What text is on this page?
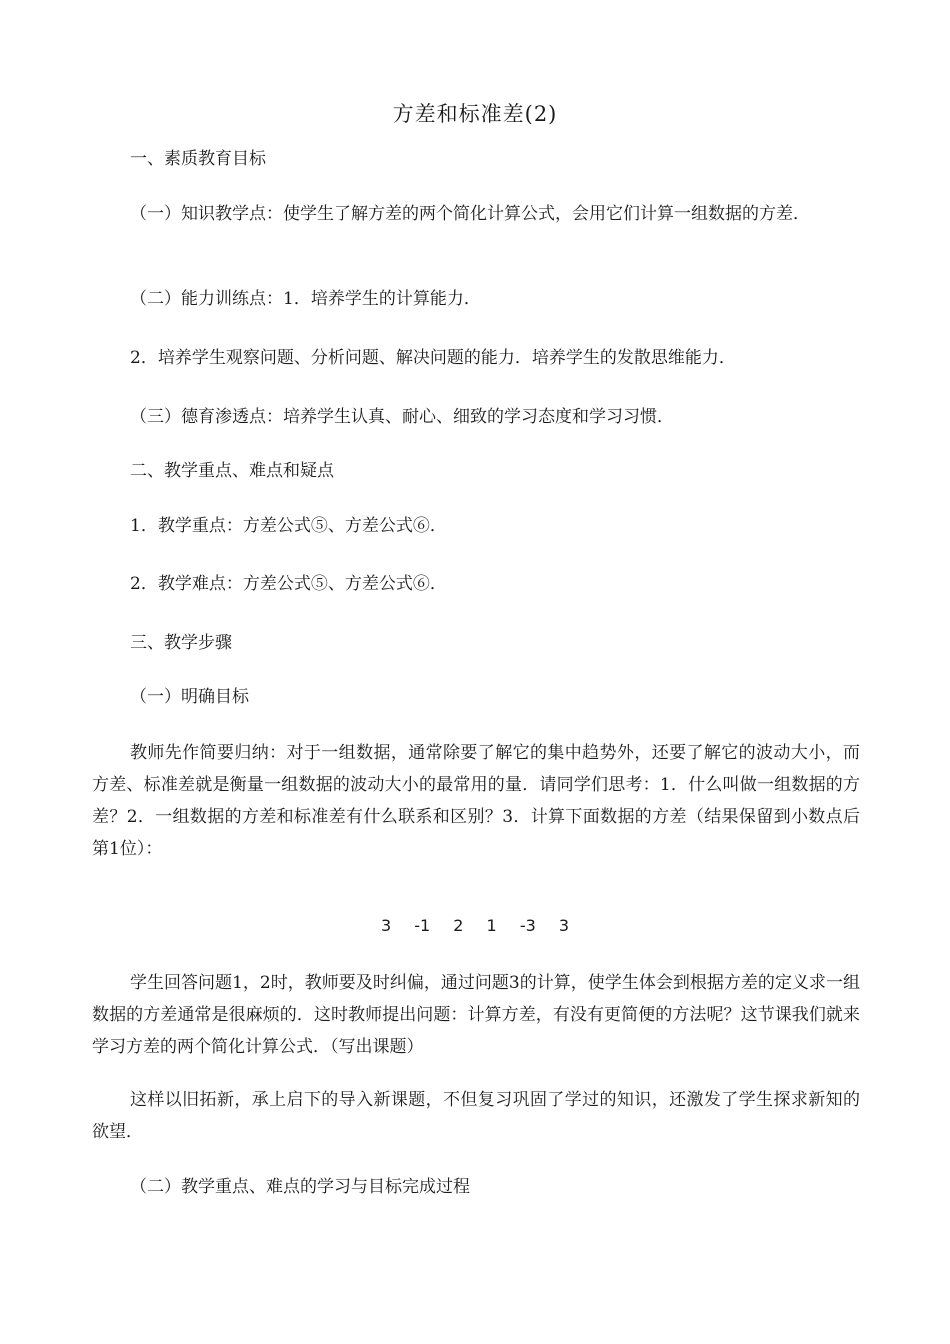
方差和标准差(2)
一、素质教育目标
（一）知识教学点：使学生了解方差的两个简化计算公式，会用它们计算一组数据的方差．
（二）能力训练点：1．培养学生的计算能力．
2．培养学生观察问题、分析问题、解决问题的能力．培养学生的发散思维能力．
（三）德育渗透点：培养学生认真、耐心、细致的学习态度和学习习惯．
二、教学重点、难点和疑点
1．教学重点：方差公式⑤、方差公式⑥．
2．教学难点：方差公式⑤、方差公式⑥．
三、教学步骤
（一）明确目标
教师先作简要归纳：对于一组数据，通常除要了解它的集中趋势外，还要了解它的波动大小，而方差、标准差就是衡量一组数据的波动大小的最常用的量．请同学们思考：1．什么叫做一组数据的方差？2．一组数据的方差和标准差有什么联系和区别？3．计算下面数据的方差（结果保留到小数点后第1位）：
3 -1 2 1 -3 3
学生回答问题1，2时，教师要及时纠偏，通过问题3的计算，使学生体会到根据方差的定义求一组数据的方差通常是很麻烦的．这时教师提出问题：计算方差，有没有更简便的方法呢？这节课我们就来学习方差的两个简化计算公式．（写出课题）
这样以旧拓新，承上启下的导入新课题，不但复习巩固了学过的知识，还激发了学生探求新知的欲望．
（二）教学重点、难点的学习与目标完成过程
